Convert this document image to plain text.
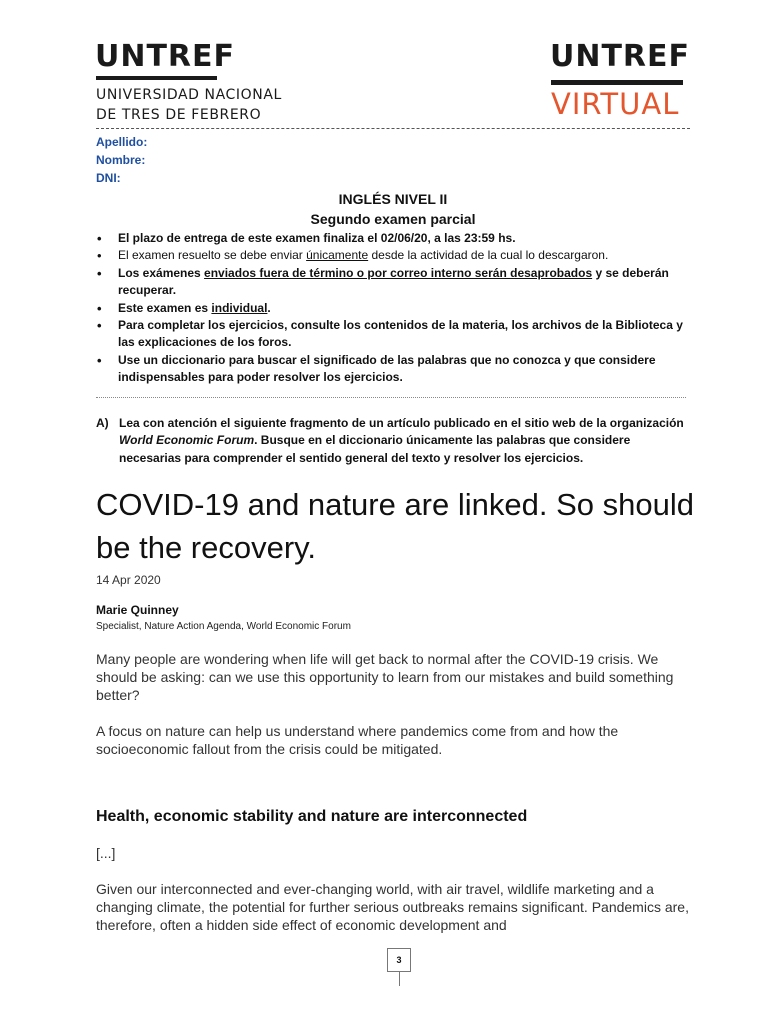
UNTREF
UNIVERSIDAD NACIONAL
DE TRES DE FEBRERO
UNTREF
VIRTUAL
Apellido:
Nombre:
DNI:
INGLÉS NIVEL II
Segundo examen parcial
• El plazo de entrega de este examen finaliza el 02/06/20, a las 23:59 hs.
• El examen resuelto se debe enviar únicamente desde la actividad de la cual lo descargaron.
• Los exámenes enviados fuera de término o por correo interno serán desaprobados y se deberán recuperar.
• Este examen es individual.
• Para completar los ejercicios, consulte los contenidos de la materia, los archivos de la Biblioteca y las explicaciones de los foros.
• Use un diccionario para buscar el significado de las palabras que no conozca y que considere indispensables para poder resolver los ejercicios.
A) Lea con atención el siguiente fragmento de un artículo publicado en el sitio web de la organización World Economic Forum. Busque en el diccionario únicamente las palabras que considere necesarias para comprender el sentido general del texto y resolver los ejercicios.
COVID-19 and nature are linked. So should be the recovery.
14 Apr 2020
Marie Quinney
Specialist, Nature Action Agenda, World Economic Forum
Many people are wondering when life will get back to normal after the COVID-19 crisis. We should be asking: can we use this opportunity to learn from our mistakes and build something better?
A focus on nature can help us understand where pandemics come from and how the socioeconomic fallout from the crisis could be mitigated.
Health, economic stability and nature are interconnected
[...]
Given our interconnected and ever-changing world, with air travel, wildlife marketing and a changing climate, the potential for further serious outbreaks remains significant. Pandemics are, therefore, often a hidden side effect of economic development and
3
